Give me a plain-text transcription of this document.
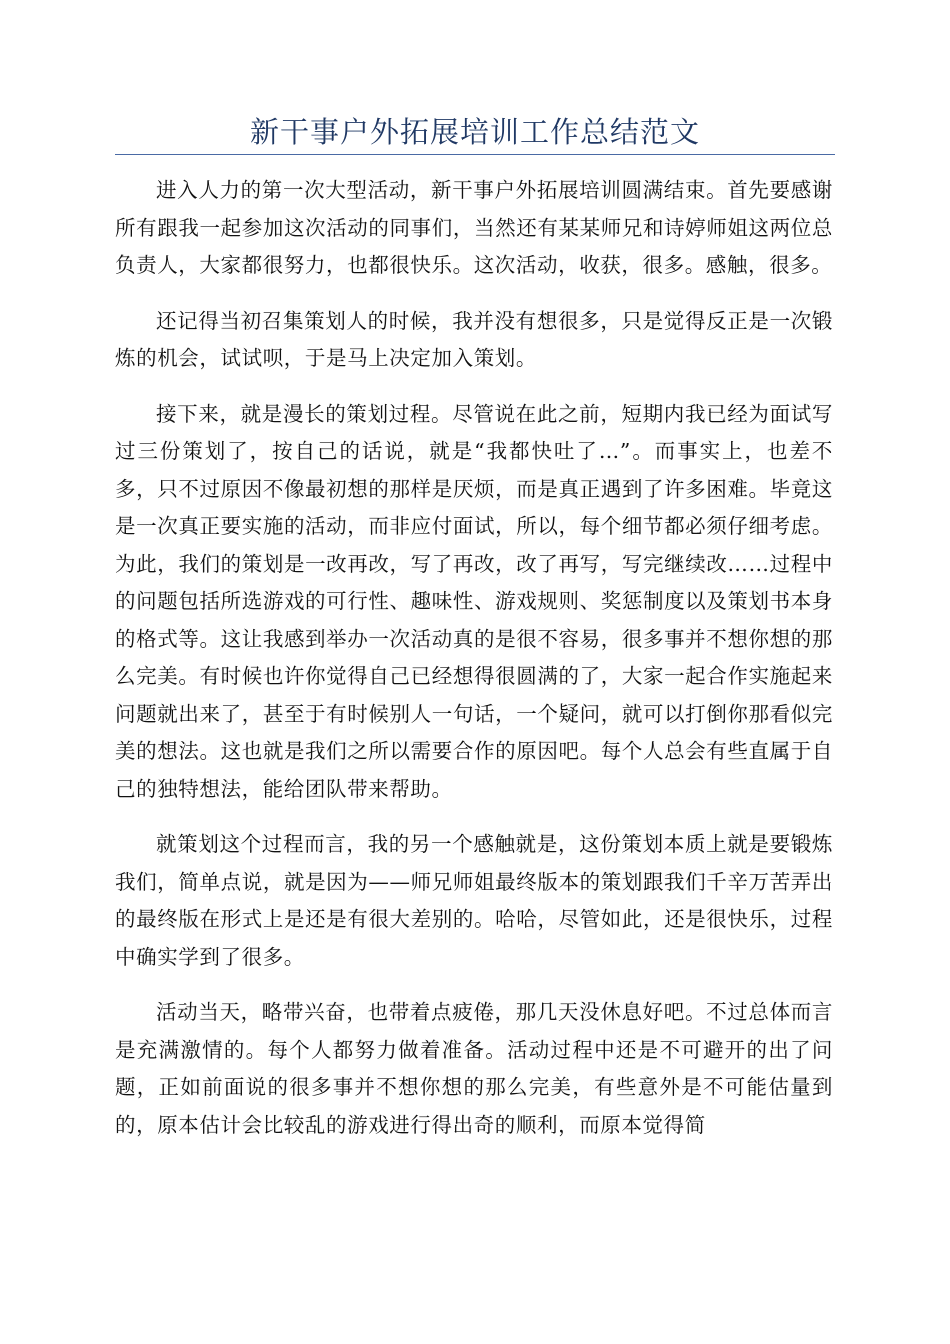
新干事户外拓展培训工作总结范文

进入人力的第一次大型活动，新干事户外拓展培训圆满结束。首先要感谢所有跟我一起参加这次活动的同事们，当然还有某某师兄和诗婷师姐这两位总负责人，大家都很努力，也都很快乐。这次活动，收获，很多。感触，很多。

还记得当初召集策划人的时候，我并没有想很多，只是觉得反正是一次锻炼的机会，试试呗，于是马上决定加入策划。

接下来，就是漫长的策划过程。尽管说在此之前，短期内我已经为面试写过三份策划了，按自己的话说，就是“我都快吐了…”。而事实上，也差不多，只不过原因不像最初想的那样是厌烦，而是真正遇到了许多困难。毕竟这是一次真正要实施的活动，而非应付面试，所以，每个细节都必须仔细考虑。为此，我们的策划是一改再改，写了再改，改了再写，写完继续改……过程中的问题包括所选游戏的可行性、趣味性、游戏规则、奖惩制度以及策划书本身的格式等。这让我感到举办一次活动真的是很不容易，很多事并不想你想的那么完美。有时候也许你觉得自己已经想得很圆满的了，大家一起合作实施起来问题就出来了，甚至于有时候别人一句话，一个疑问，就可以打倒你那看似完美的想法。这也就是我们之所以需要合作的原因吧。每个人总会有些直属于自己的独特想法，能给团队带来帮助。

就策划这个过程而言，我的另一个感触就是，这份策划本质上就是要锻炼我们，简单点说，就是因为——师兄师姐最终版本的策划跟我们千辛万苦弄出的最终版在形式上是还是有很大差别的。哈哈，尽管如此，还是很快乐，过程中确实学到了很多。

活动当天，略带兴奋，也带着点疲倦，那几天没休息好吧。不过总体而言是充满激情的。每个人都努力做着准备。活动过程中还是不可避开的出了问题，正如前面说的很多事并不想你想的那么完美，有些意外是不可能估量到的，原本估计会比较乱的游戏进行得出奇的顺利，而原本觉得简
